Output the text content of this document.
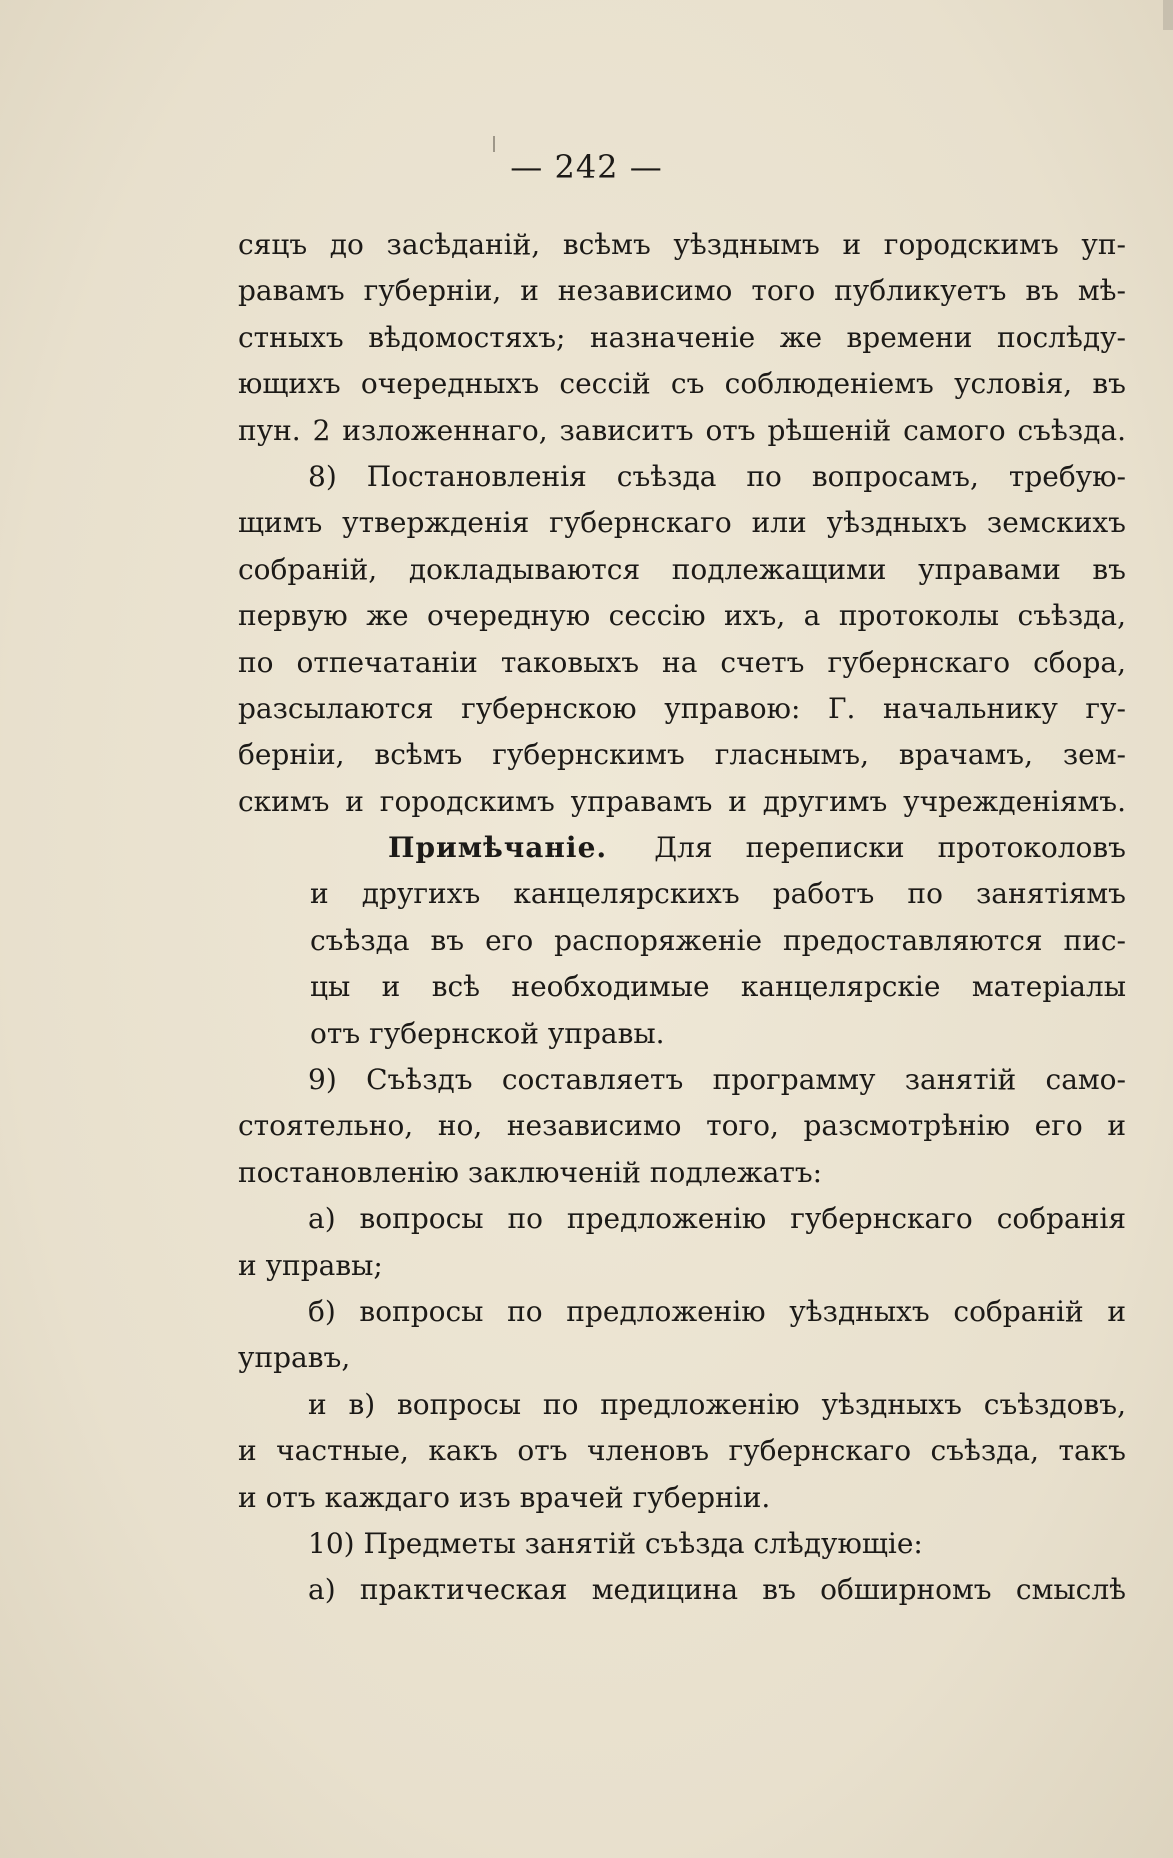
— 242 —
сяцъ до засѣданій, всѣмъ уѣзднымъ и городскимъ уп-
равамъ губерніи, и независимо того публикуетъ въ мѣ-
стныхъ вѣдомостяхъ; назначеніе же времени послѣду-
ющихъ очередныхъ сессій съ соблюденіемъ условія, въ
пун. 2 изложеннаго, зависитъ отъ рѣшеній самого съѣзда.
8) Постановленія съѣзда по вопросамъ, требую-
щимъ утвержденія губернскаго или уѣздныхъ земскихъ
собраній, докладываются подлежащими управами въ
первую же очередную сессію ихъ, а протоколы съѣзда,
по отпечатаніи таковыхъ на счетъ губернскаго сбора,
разсылаются губернскою управою: Г. начальнику гу-
берніи, всѣмъ губернскимъ гласнымъ, врачамъ, зем-
скимъ и городскимъ управамъ и другимъ учрежденіямъ.
Примѣчаніе. Для переписки протоколовъ
и другихъ канцелярскихъ работъ по занятіямъ
съѣзда въ его распоряженіе предоставляются пис-
цы и всѣ необходимые канцелярскіе матеріалы
отъ губернской управы.
9) Съѣздъ составляетъ программу занятій само-
стоятельно, но, независимо того, разсмотрѣнію его и
постановленію заключеній подлежатъ:
а) вопросы по предложенію губернскаго собранія
и управы;
б) вопросы по предложенію уѣздныхъ собраній и
управъ,
и в) вопросы по предложенію уѣздныхъ съѣздовъ,
и частные, какъ отъ членовъ губернскаго съѣзда, такъ
и отъ каждаго изъ врачей губерніи.
10) Предметы занятій съѣзда слѣдующіе:
а) практическая медицина въ обширномъ смыслѣ
